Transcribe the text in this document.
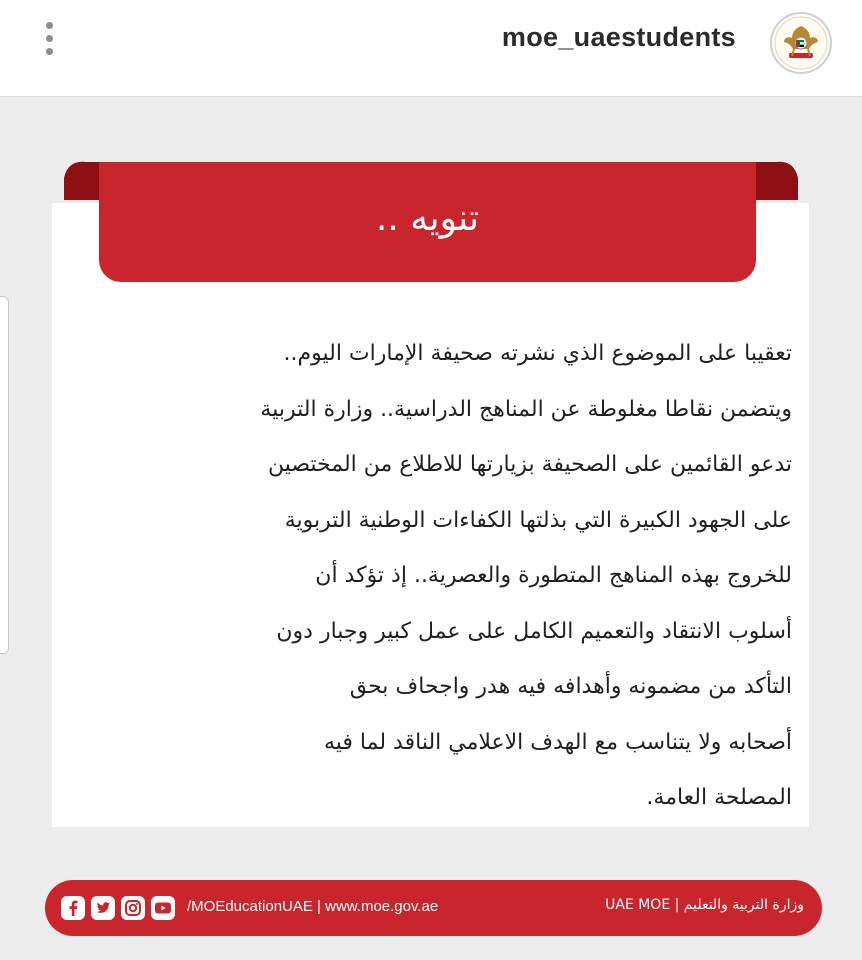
moe_uaestudents
تنويه ..
تعقيبا على الموضوع الذي نشرته صحيفة الإمارات اليوم..
ويتضمن نقاطا مغلوطة عن المناهج الدراسية.. وزارة التربية
تدعو القائمين على الصحيفة بزيارتها للاطلاع من المختصين
على الجهود الكبيرة التي بذلتها الكفاءات الوطنية التربوية
للخروج بهذه المناهج المتطورة والعصرية.. إذ تؤكد أن
أسلوب الانتقاد والتعميم الكامل على عمل كبير وجبار دون
التأكد من مضمونه وأهدافه فيه هدر واجحاف بحق
أصحابه ولا يتناسب مع الهدف الاعلامي الناقد لما فيه
المصلحة العامة.
/MOEducationUAE | www.moe.gov.ae	UAE MOE | وزارة التربية والتعليم
